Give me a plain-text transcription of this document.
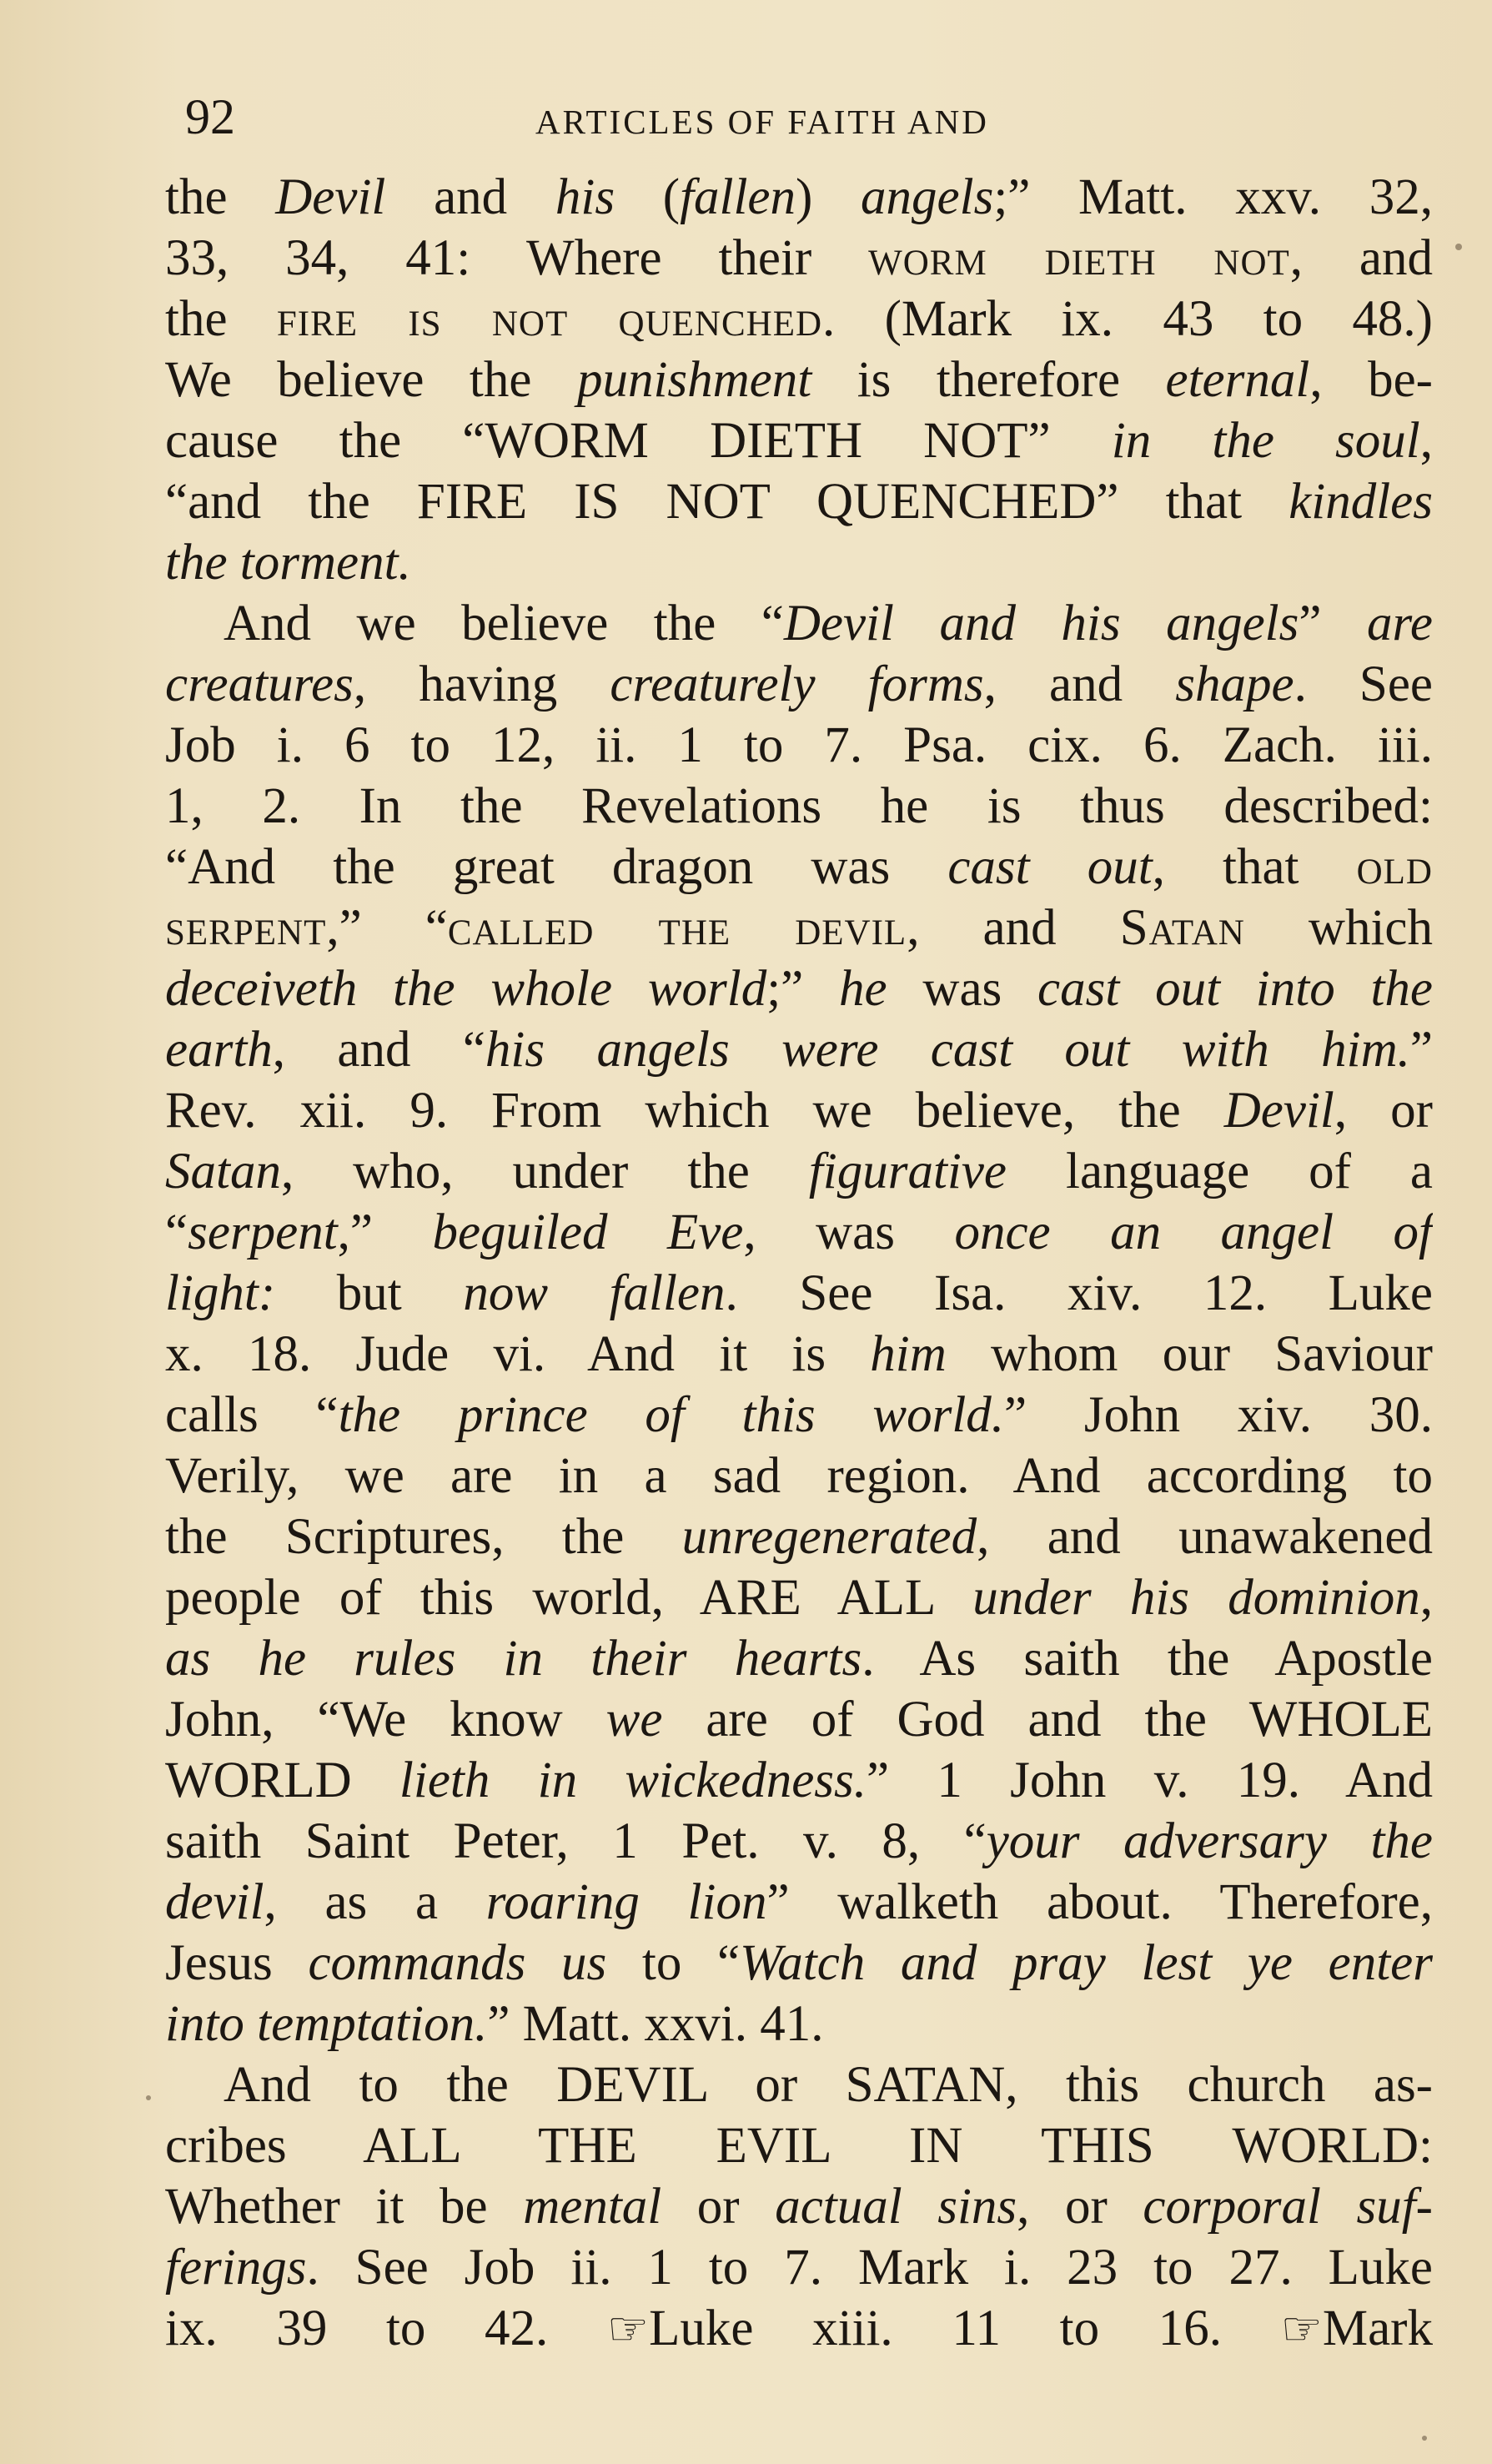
92	ARTICLES OF FAITH AND
the Devil and his (fallen) angels;” Matt. xxv. 32,
33, 34, 41: Where their worm dieth not, and
the fire is not quenched. (Mark ix. 43 to 48.)
We believe the punishment is therefore eternal, be-
cause the “WORM DIETH NOT” in the soul,
“and the FIRE IS NOT QUENCHED” that kindles
the torment.
And we believe the “Devil and his angels” are
creatures, having creaturely forms, and shape. See
Job i. 6 to 12, ii. 1 to 7. Psa. cix. 6. Zach. iii.
1, 2. In the Revelations he is thus described:
“And the great dragon was cast out, that old
serpent,” “called the devil, and Satan which
deceiveth the whole world;” he was cast out into the
earth, and “his angels were cast out with him.”
Rev. xii. 9. From which we believe, the Devil, or
Satan, who, under the figurative language of a
“serpent,” beguiled Eve, was once an angel of
light: but now fallen. See Isa. xiv. 12. Luke
x. 18. Jude vi. And it is him whom our Saviour
calls “the prince of this world.” John xiv. 30.
Verily, we are in a sad region. And according to
the Scriptures, the unregenerated, and unawakened
people of this world, ARE ALL under his dominion,
as he rules in their hearts. As saith the Apostle
John, “We know we are of God and the WHOLE
WORLD lieth in wickedness.” 1 John v. 19. And
saith Saint Peter, 1 Pet. v. 8, “your adversary the
devil, as a roaring lion” walketh about. Therefore,
Jesus commands us to “Watch and pray lest ye enter
into temptation.” Matt. xxvi. 41.
And to the DEVIL or SATAN, this church as-
cribes ALL THE EVIL IN THIS WORLD:
Whether it be mental or actual sins, or corporal suf-
ferings. See Job ii. 1 to 7. Mark i. 23 to 27. Luke
ix. 39 to 42. ☞Luke xiii. 11 to 16. ☞Mark
